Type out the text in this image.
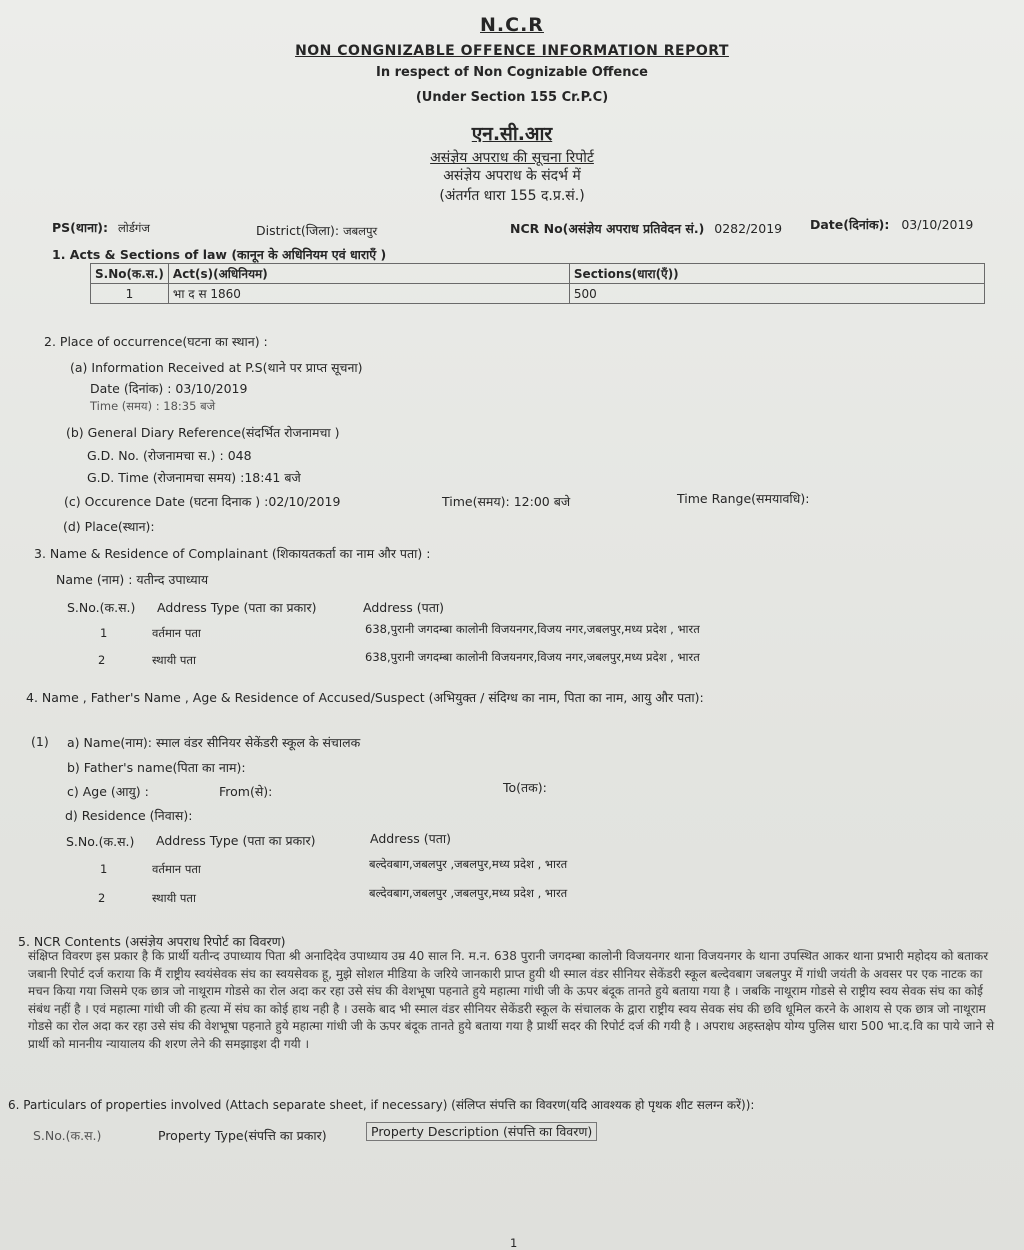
N.C.R
NON CONGNIZABLE OFFENCE INFORMATION REPORT
In respect of Non Cognizable Offence
(Under Section 155 Cr.P.C)
एन.सी.आर
असंज्ञेय अपराध की सूचना रिपोर्ट
असंज्ञेय अपराध के संदर्भ में
(अंतर्गत धारा 155 द.प्र.सं.)
PS(थाना): लोर्डगंज	District(जिला): जबलपुर	NCR No(असंज्ञेय अपराध प्रतिवेदन सं.) 0282/2019 Date(दिनांक): 03/10/2019
1. Acts & Sections of law (कानून के अधिनियम एवं धाराएँ )
S.No(क.स.)	Act(s)(अधिनियम)	Sections(धारा(एँ))
1	भा द स 1860	500
2. Place of occurrence(घटना का स्थान) :
(a) Information Received at P.S(थाने पर प्राप्त सूचना)
Date (दिनांक) : 03/10/2019
Time (समय) : 18:35 बजे
(b) General Diary Reference(संदर्भित रोजनामचा )
G.D. No. (रोजनामचा स.) : 048
G.D. Time (रोजनामचा समय) :18:41 बजे
(c) Occurence Date (घटना दिनाक ) :02/10/2019	Time(समय): 12:00 बजे	Time Range(समयावधि):
(d) Place(स्थान):
3. Name & Residence of Complainant (शिकायतकर्ता का नाम और पता) :
Name (नाम) : यतीन्द उपाध्याय
S.No.(क.स.) Address Type (पता का प्रकार)	Address (पता)
1	वर्तमान पता	638,पुरानी जगदम्बा कालोनी विजयनगर,विजय नगर,जबलपुर,मध्य प्रदेश , भारत
2	स्थायी पता	638,पुरानी जगदम्बा कालोनी विजयनगर,विजय नगर,जबलपुर,मध्य प्रदेश , भारत
4. Name , Father's Name , Age & Residence of Accused/Suspect (अभियुक्त / संदिग्ध का नाम, पिता का नाम, आयु और पता):
(1) a) Name(नाम): स्माल वंडर सीनियर सेकेंडरी स्कूल के संचालक
b) Father's name(पिता का नाम):
c) Age (आयु) :	From(से):	To(तक):
d) Residence (निवास):
S.No.(क.स.) Address Type (पता का प्रकार)	Address (पता)
1	वर्तमान पता	बल्देवबाग,जबलपुर ,जबलपुर,मध्य प्रदेश , भारत
2	स्थायी पता	बल्देवबाग,जबलपुर ,जबलपुर,मध्य प्रदेश , भारत
5. NCR Contents (असंज्ञेय अपराध रिपोर्ट का विवरण)
संक्षिप्त विवरण इस प्रकार है कि प्रार्थी यतीन्द उपाध्याय पिता श्री अनादिदेव उपाध्याय उम्र 40 साल नि. म.न. 638 पुरानी जगदम्बा कालोनी विजयनगर थाना विजयनगर के थाना उपस्थित आकर थाना प्रभारी महोदय को बताकर जबानी रिपोर्ट दर्ज कराया कि मैं राष्ट्रीय स्वयंसेवक संघ का स्वयसेवक हू, मुझे सोशल मीडिया के जरिये जानकारी प्राप्त हुयी थी स्माल वंडर सीनियर सेकेंडरी स्कूल बल्देवबाग जबलपुर में गांधी जयंती के अवसर पर एक नाटक का मचन किया गया जिसमे एक छात्र जो नाथूराम गोडसे का रोल अदा कर रहा उसे संघ की वेशभूषा पहनाते हुये महात्मा गांधी जी के ऊपर बंदूक तानते हुये बताया गया है । जबकि नाथूराम गोडसे से राष्ट्रीय स्वय सेवक संघ का कोई संबंध नहीं है । एवं महात्मा गांधी जी की हत्या में संघ का कोई हाथ नही है । उसके बाद भी स्माल वंडर सीनियर सेकेंडरी स्कूल के संचालक के द्वारा राष्ट्रीय स्वय सेवक संघ की छवि धूमिल करने के आशय से एक छात्र जो नाथूराम गोडसे का रोल अदा कर रहा उसे संघ की वेशभूषा पहनाते हुये महात्मा गांधी जी के ऊपर बंदूक तानते हुये बताया गया है प्रार्थी सदर की रिपोर्ट दर्ज की गयी है । अपराध अहस्तक्षेप योग्य पुलिस धारा 500 भा.द.वि का पाये जाने से प्रार्थी को माननीय न्यायालय की शरण लेने की समझाइश दी गयी ।
6. Particulars of properties involved (Attach separate sheet, if necessary) (संलिप्त संपत्ति का विवरण(यदि आवश्यक हो पृथक शीट सलग्न करें)):
S.No.(क.स.)	Property Type(संपत्ति का प्रकार)	Property Description (संपत्ति का विवरण)
1
